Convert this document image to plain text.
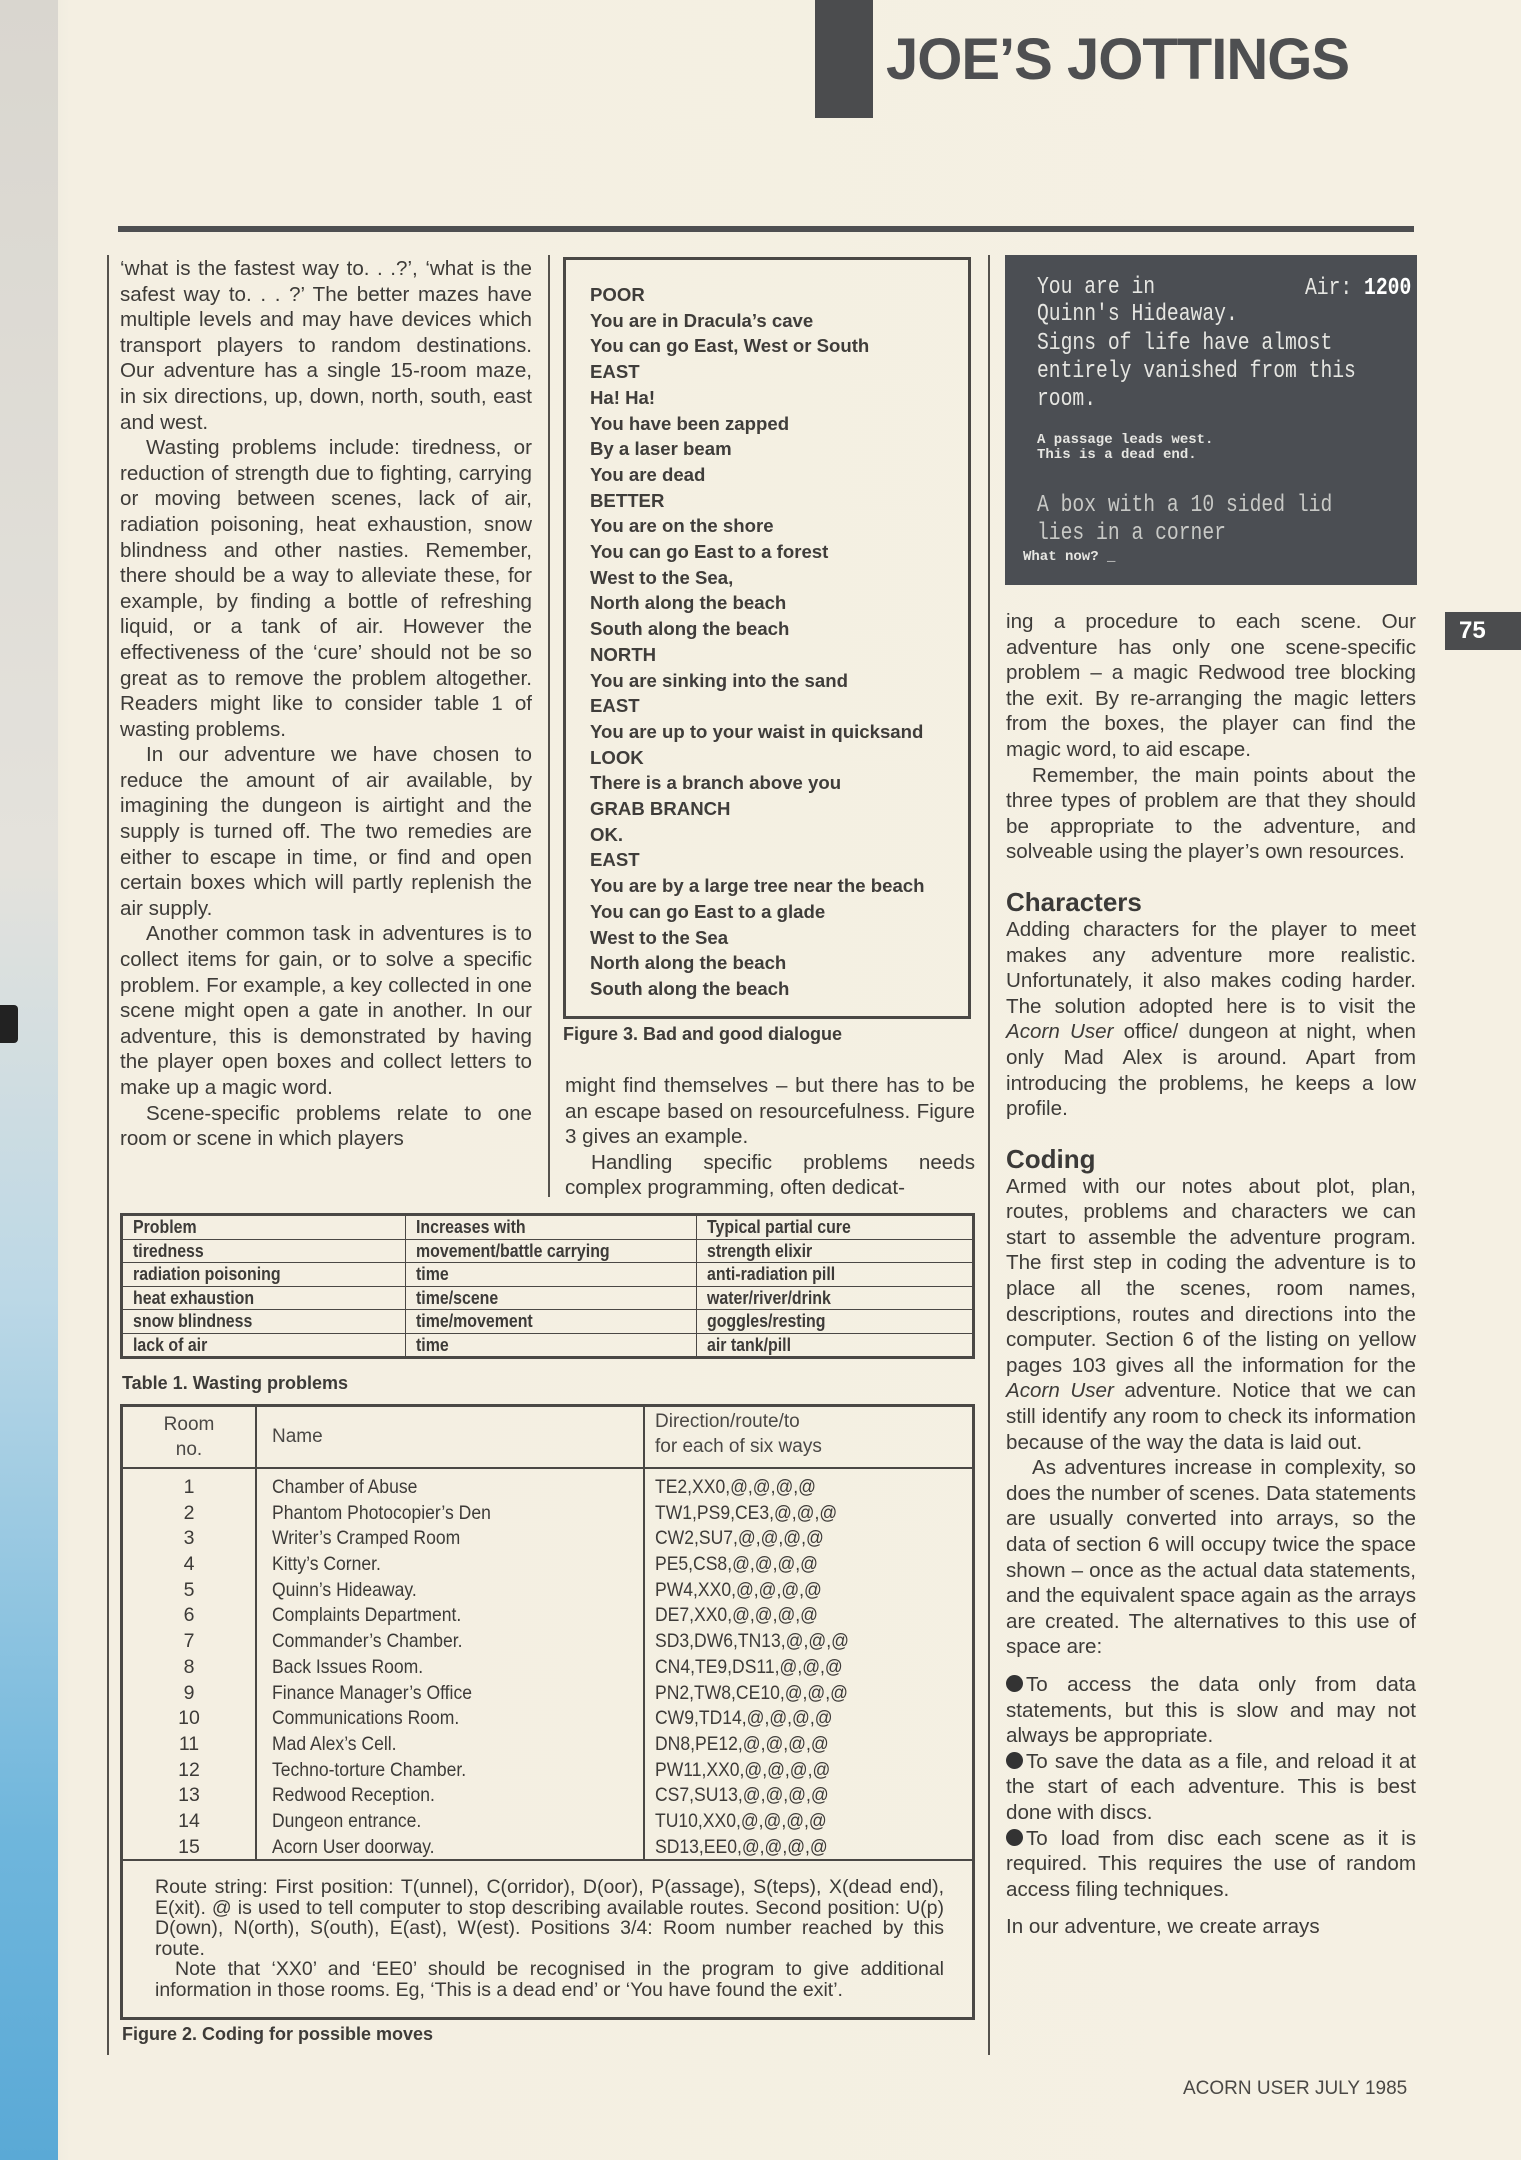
JOE’S JOTTINGS

‘what is the fastest way to. . .?’, ‘what is the safest way to. . . ?’ The better mazes have multiple levels and may have devices which transport players to random destinations. Our adventure has a single 15-room maze, in six directions, up, down, north, south, east and west.

Wasting problems include: tiredness, or reduction of strength due to fighting, carrying or moving between scenes, lack of air, radiation poisoning, heat exhaustion, snow blindness and other nasties. Remember, there should be a way to alleviate these, for example, by finding a bottle of refreshing liquid, or a tank of air. However the effectiveness of the ‘cure’ should not be so great as to remove the problem altogether. Readers might like to consider table 1 of wasting problems.

In our adventure we have chosen to reduce the amount of air available, by imagining the dungeon is airtight and the supply is turned off. The two remedies are either to escape in time, or find and open certain boxes which will partly replenish the air supply.

Another common task in adventures is to collect items for gain, or to solve a specific problem. For example, a key collected in one scene might open a gate in another. In our adventure, this is demonstrated by having the player open boxes and collect letters to make up a magic word.

Scene-specific problems relate to one room or scene in which players

POOR
You are in Dracula’s cave
You can go East, West or South
EAST
Ha! Ha!
You have been zapped
By a laser beam
You are dead
BETTER
You are on the shore
You can go East to a forest
West to the Sea,
North along the beach
South along the beach
NORTH
You are sinking into the sand
EAST
You are up to your waist in quicksand
LOOK
There is a branch above you
GRAB BRANCH
OK.
EAST
You are by a large tree near the beach
You can go East to a glade
West to the Sea
North along the beach
South along the beach
Figure 3. Bad and good dialogue

might find themselves – but there has to be an escape based on resourcefulness. Figure 3 gives an example.

Handling specific problems needs complex programming, often dedicat-

You are in	Air: 1200
Quinn's Hideaway.
Signs of life have almost
entirely vanished from this
room.
A passage leads west.
This is a dead end.
A box with a 10 sided lid
lies in a corner
What now? _
75

ing a procedure to each scene. Our adventure has only one scene-specific problem – a magic Redwood tree blocking the exit. By re-arranging the magic letters from the boxes, the player can find the magic word, to aid escape.

Remember, the main points about the three types of problem are that they should be appropriate to the adventure, and solveable using the player’s own resources.

Characters

Adding characters for the player to meet makes any adventure more realistic. Unfortunately, it also makes coding harder. The solution adopted here is to visit the Acorn User office/ dungeon at night, when only Mad Alex is around. Apart from introducing the problems, he keeps a low profile.

Coding

Armed with our notes about plot, plan, routes, problems and characters we can start to assemble the adventure program. The first step in coding the adventure is to place all the scenes, room names, descriptions, routes and directions into the computer. Section 6 of the listing on yellow pages 103 gives all the information for the Acorn User adventure. Notice that we can still identify any room to check its information because of the way the data is laid out.

As adventures increase in complexity, so does the number of scenes. Data statements are usually converted into arrays, so the data of section 6 will occupy twice the space shown – once as the actual data statements, and the equivalent space again as the arrays are created. The alternatives to this use of space are:

To access the data only from data statements, but this is slow and may not always be appropriate.

To save the data as a file, and reload it at the start of each adventure. This is best done with discs.

To load from disc each scene as it is required. This requires the use of random access filing techniques.

In our adventure, we create arrays

Problem	Increases with	Typical partial cure
tiredness	movement/battle carrying	strength elixir
radiation poisoning	time	anti-radiation pill
heat exhaustion	time/scene	water/river/drink
snow blindness	time/movement	goggles/resting
lack of air	time	air tank/pill
Table 1. Wasting problems
Room
no.
Name
Direction/route/to
for each of six ways
1	Chamber of Abuse	TE2,XX0,@,@,@,@
2	Phantom Photocopier’s Den	TW1,PS9,CE3,@,@,@
3	Writer’s Cramped Room	CW2,SU7,@,@,@,@
4	Kitty’s Corner.	PE5,CS8,@,@,@,@
5	Quinn’s Hideaway.	PW4,XX0,@,@,@,@
6	Complaints Department.	DE7,XX0,@,@,@,@
7	Commander’s Chamber.	SD3,DW6,TN13,@,@,@
8	Back Issues Room.	CN4,TE9,DS11,@,@,@
9	Finance Manager’s Office	PN2,TW8,CE10,@,@,@
10	Communications Room.	CW9,TD14,@,@,@,@
11	Mad Alex’s Cell.	DN8,PE12,@,@,@,@
12	Techno-torture Chamber.	PW11,XX0,@,@,@,@
13	Redwood Reception.	CS7,SU13,@,@,@,@
14	Dungeon entrance.	TU10,XX0,@,@,@,@
15	Acorn User doorway.	SD13,EE0,@,@,@,@

Route string: First position: T(unnel), C(orridor), D(oor), P(assage), S(teps), X(dead end), E(xit). @ is used to tell computer to stop describing available routes. Second position: U(p) D(own), N(orth), S(outh), E(ast), W(est). Positions 3/4: Room number reached by this route.

Note that ‘XX0’ and ‘EE0’ should be recognised in the program to give additional information in those rooms. Eg, ‘This is a dead end’ or ‘You have found the exit’.

Figure 2. Coding for possible moves
ACORN USER JULY 1985
